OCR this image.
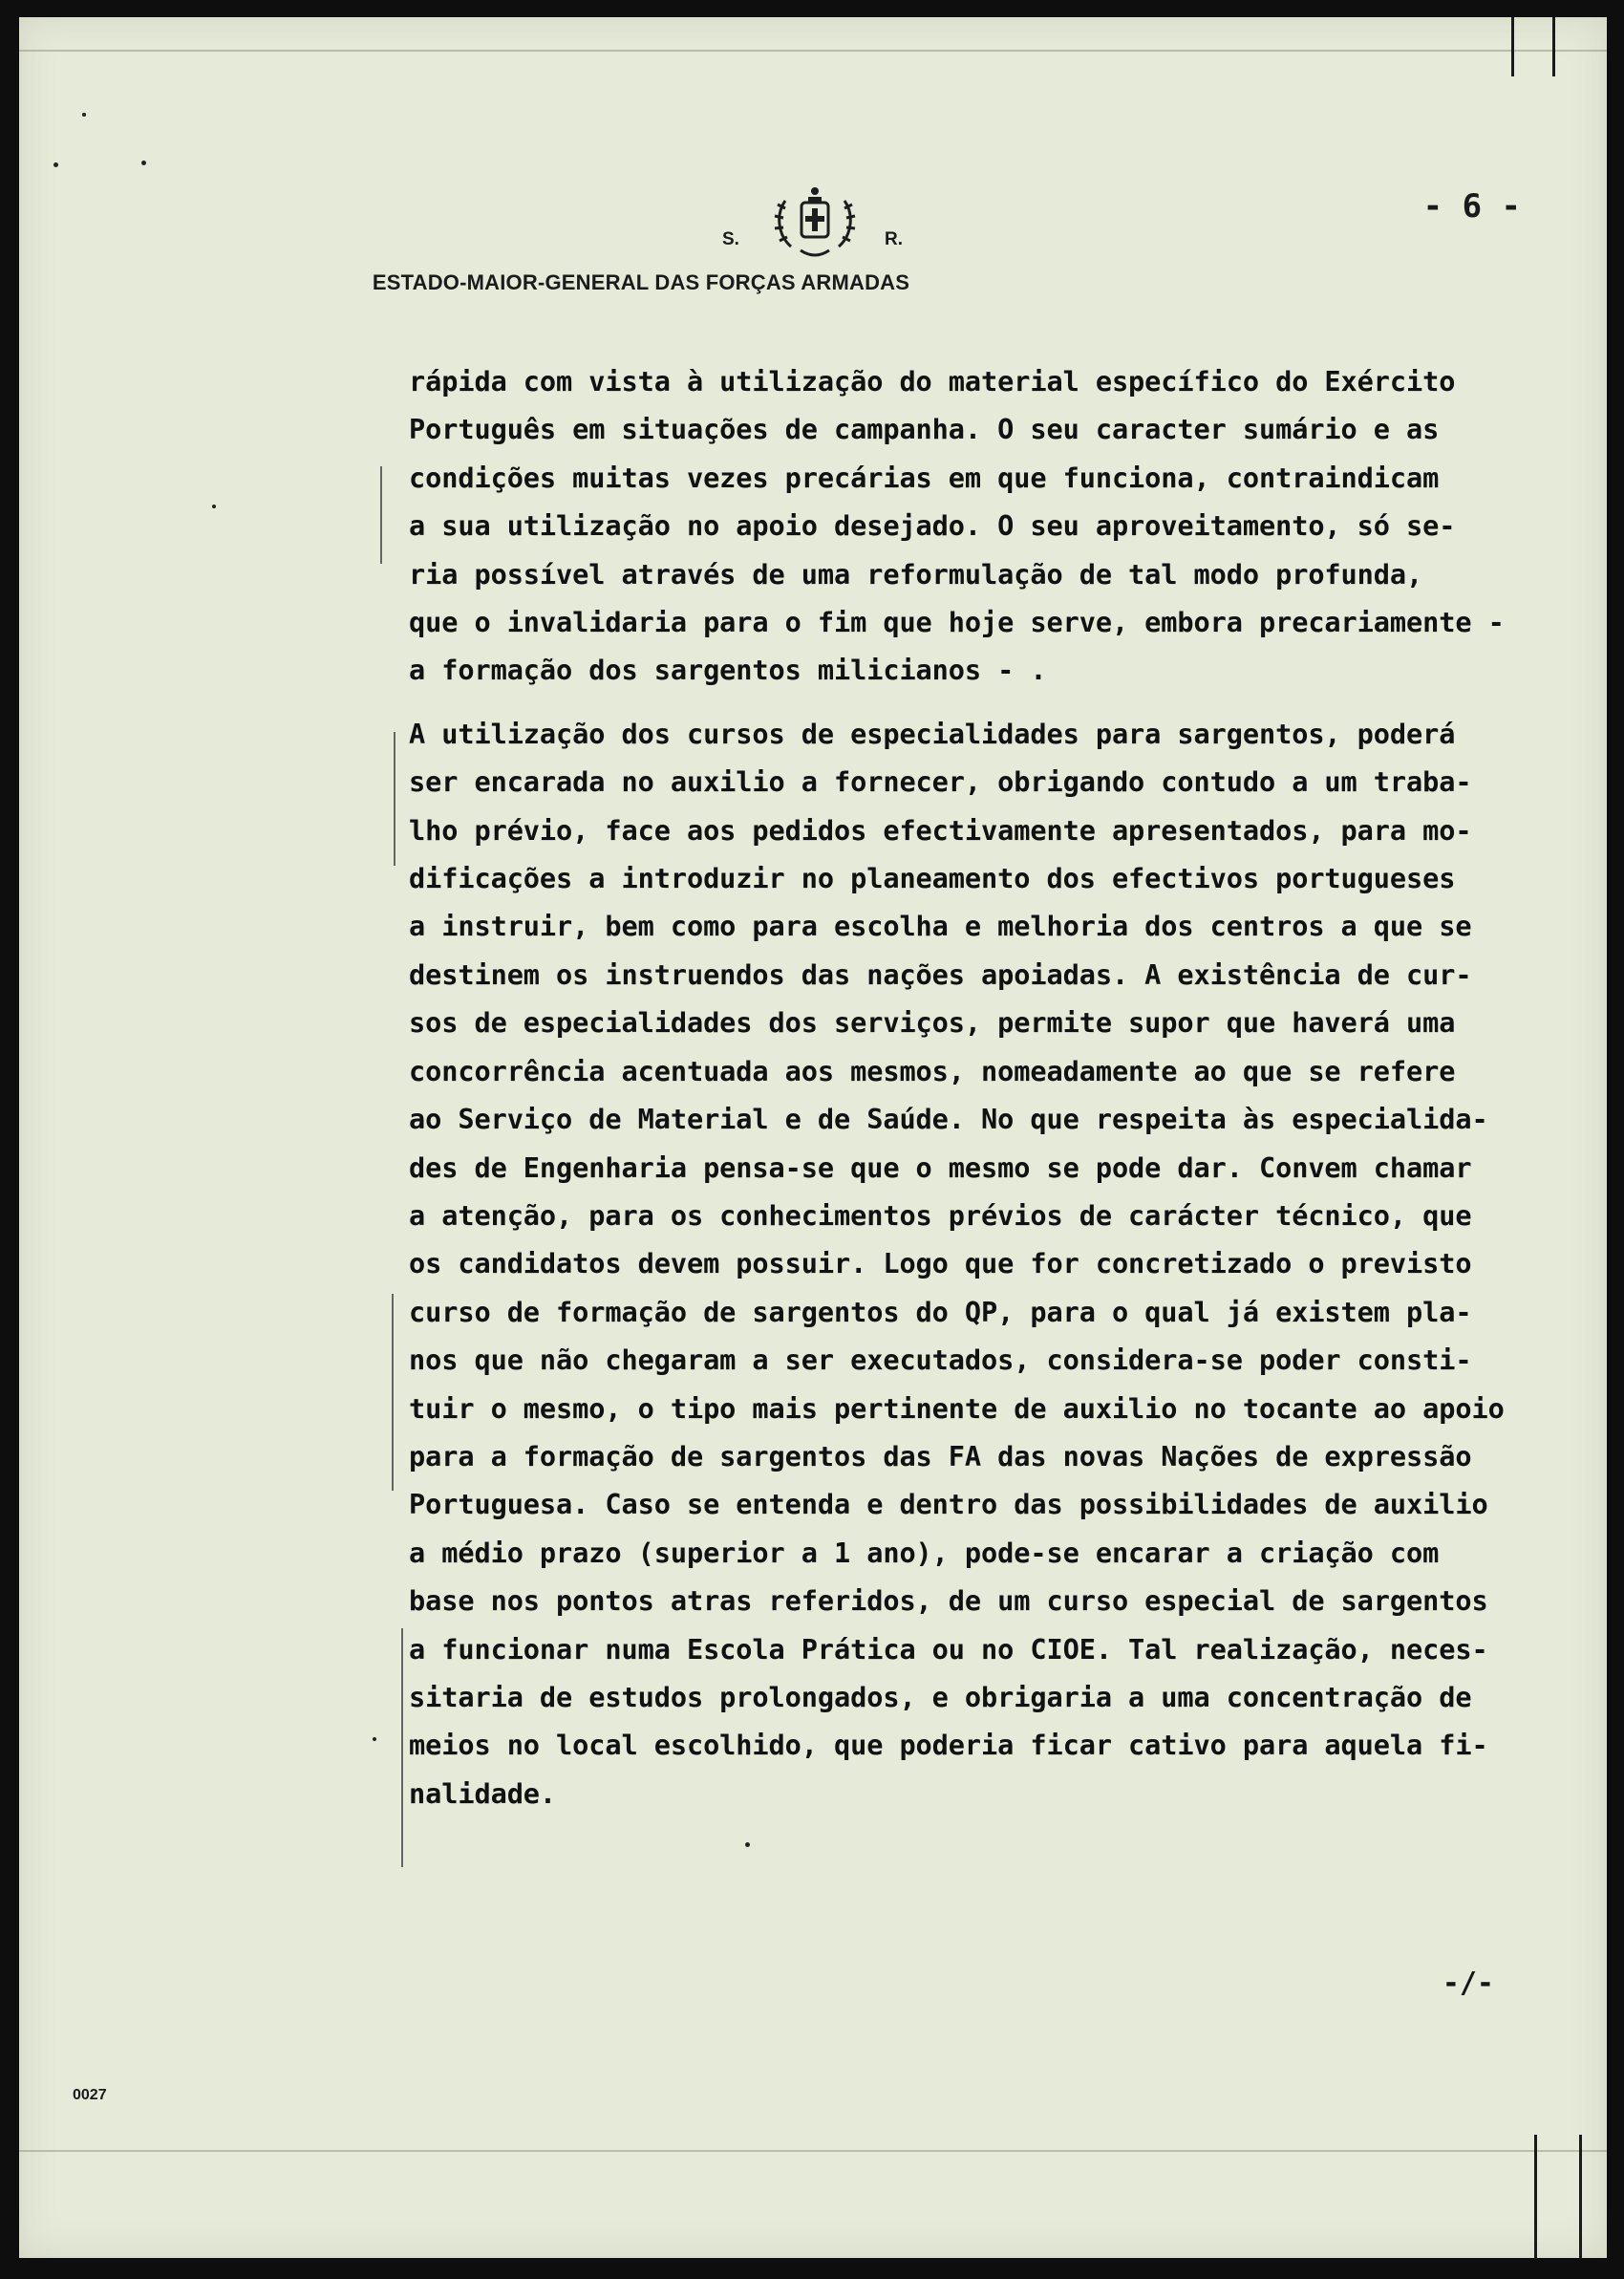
S.	R.
- 6 -
ESTADO-MAIOR-GENERAL DAS FORÇAS ARMADAS

rápida com vista à utilização do material específico do Exército
Português em situações de campanha. O seu caracter sumário e as
condições muitas vezes precárias em que funciona, contraindicam
a sua utilização no apoio desejado. O seu aproveitamento, só se-
ria possível através de uma reformulação de tal modo profunda,
que o invalidaria para o fim que hoje serve, embora precariamente -
a formação dos sargentos milicianos - .

A utilização dos cursos de especialidades para sargentos, poderá
ser encarada no auxilio a fornecer, obrigando contudo a um traba-
lho prévio, face aos pedidos efectivamente apresentados, para mo-
dificações a introduzir no planeamento dos efectivos portugueses
a instruir, bem como para escolha e melhoria dos centros a que se
destinem os instruendos das nações apoiadas. A existência de cur-
sos de especialidades dos serviços, permite supor que haverá uma
concorrência acentuada aos mesmos, nomeadamente ao que se refere
ao Serviço de Material e de Saúde. No que respeita às especialida-
des de Engenharia pensa-se que o mesmo se pode dar. Convem chamar
a atenção, para os conhecimentos prévios de carácter técnico, que
os candidatos devem possuir. Logo que for concretizado o previsto
curso de formação de sargentos do QP, para o qual já existem pla-
nos que não chegaram a ser executados, considera-se poder consti-
tuir o mesmo, o tipo mais pertinente de auxilio no tocante ao apoio
para a formação de sargentos das FA das novas Nações de expressão
Portuguesa. Caso se entenda e dentro das possibilidades de auxilio
a médio prazo (superior a 1 ano), pode-se encarar a criação com
base nos pontos atras referidos, de um curso especial de sargentos
a funcionar numa Escola Prática ou no CIOE. Tal realização, neces-
sitaria de estudos prolongados, e obrigaria a uma concentração de
meios no local escolhido, que poderia ficar cativo para aquela fi-
nalidade.

-/-
0027
